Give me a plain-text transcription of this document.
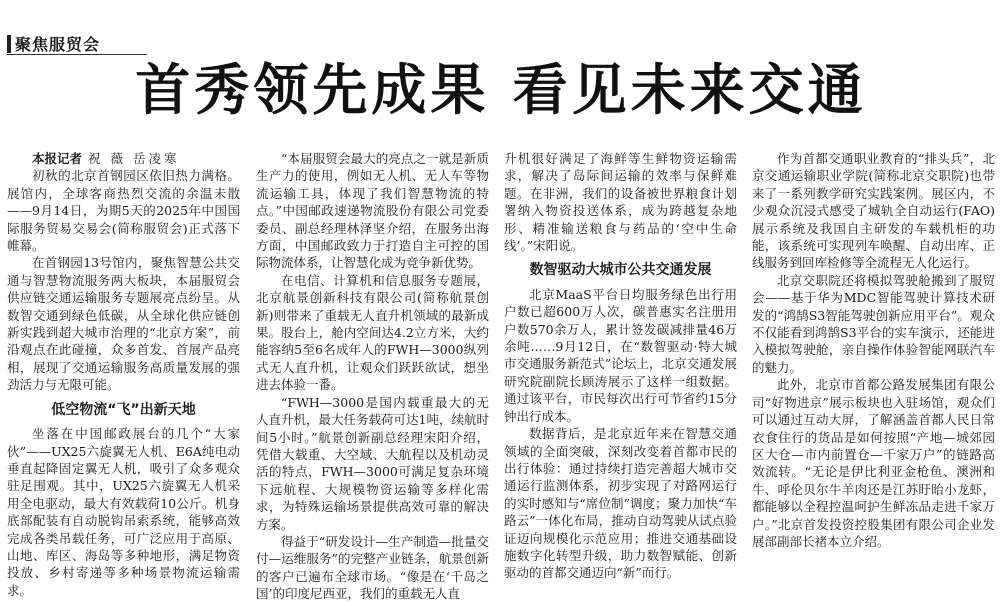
聚焦服贸会
首秀领先成果 看见未来交通

本报记者 祝 薇 岳凌寒

初秋的北京首钢园区依旧热力满格。展馆内，全球客商热烈交流的余温未散——9月14日，为期5天的2025年中国国际服务贸易交易会(简称服贸会)正式落下帷幕。

在首钢园13号馆内，聚焦智慧公共交通与智慧物流服务两大板块，本届服贸会供应链交通运输服务专题展亮点纷呈。从数智交通到绿色低碳，从全球化供应链创新实践到超大城市治理的“北京方案”，前沿观点在此碰撞，众多首发、首展产品亮相，展现了交通运输服务高质量发展的强劲活力与无限可能。

低空物流“飞”出新天地

坐落在中国邮政展台的几个“大家伙”——UX25六旋翼无人机、E6A纯电动垂直起降固定翼无人机，吸引了众多观众驻足围观。其中，UX25六旋翼无人机采用全电驱动，最大有效载荷10公斤。机身底部配装有自动脱钩吊索系统，能够高效完成各类吊载任务，可广泛应用于高原、山地、库区、海岛等多种地形，满足物资投放、乡村寄递等多种场景物流运输需求。

“本届服贸会最大的亮点之一就是新质生产力的使用，例如无人机、无人车等物流运输工具，体现了我们智慧物流的特点。”中国邮政速递物流股份有限公司党委委员、副总经理林泽坚介绍，在服务出海方面，中国邮政致力于打造自主可控的国际物流体系，让智慧化成为竞争新优势。

在电信、计算机和信息服务专题展，北京航景创新科技有限公司(简称航景创新)则带来了重载无人直升机领域的最新成果。股台上，舱内空间达4.2立方米，大约能容纳5至6名成年人的FWH—3000纵列式无人直升机，让观众们跃跃欲试，想坐进去体验一番。

“FWH—3000是国内载重最大的无人直升机，最大任务载荷可达1吨，续航时间5小时。”航景创新副总经理宋阳介绍，凭借大载重、大空域、大航程以及机动灵活的特点，FWH—3000可满足复杂环境下远航程、大规模物资运输等多样化需求，为特殊运输场景提供高效可靠的解决方案。

得益于“研发设计—生产制造—批量交付—运维服务”的完整产业链条，航景创新的客户已遍布全球市场。“像是在‘千岛之国’的印度尼西亚，我们的重载无人直

升机很好满足了海鲜等生鲜物资运输需求，解决了岛际间运输的效率与保鲜难题。在非洲，我们的设备被世界粮食计划署纳入物资投送体系，成为跨越复杂地形、精准输送粮食与药品的‘空中生命线’。”宋阳说。

数智驱动大城市公共交通发展

北京MaaS平台日均服务绿色出行用户数已超600万人次，碳普惠实名注册用户数570余万人，累计签发碳减排量46万余吨……9月12日，在“数智驱动·特大城市交通服务新范式”论坛上，北京交通发展研究院副院长顾涛展示了这样一组数据。通过该平台，市民每次出行可节省约15分钟出行成本。

数据背后，是北京近年来在智慧交通领域的全面突破，深刻改变着首都市民的出行体验：通过持续打造完善超大城市交通运行监测体系，初步实现了对路网运行的实时感知与“席位制”调度；聚力加快“车路云”一体化布局，推动自动驾驶从试点验证迈向规模化示范应用；推进交通基础设施数字化转型升级，助力数智赋能、创新驱动的首都交通迈向“新”而行。

作为首都交通职业教育的“排头兵”，北京交通运输职业学院(简称北京交职院)也带来了一系列教学研究实践案例。展区内，不少观众沉浸式感受了城轨全自动运行(FAO)展示系统及我国自主研发的车载机柜的功能，该系统可实现列车唤醒、自动出库、正线服务到回库检修等全流程无人化运行。

北京交职院还将模拟驾驶舱搬到了服贸会——基于华为MDC智能驾驶计算技术研发的“鸿鹄S3智能驾驶创新应用平台”。观众不仅能看到鸿鹄S3平台的实车演示，还能进入模拟驾驶舱，亲自操作体验智能网联汽车的魅力。

此外，北京市首都公路发展集团有限公司“好物进京”展示板块也入驻场馆，观众们可以通过互动大屏，了解涵盖首都人民日常衣食住行的货品是如何按照“产地—城郊园区大仓—市内前置仓—千家万户”的链路高效流转。“无论是伊比利亚金枪鱼、澳洲和牛、呼伦贝尔牛羊肉还是江苏盱眙小龙虾，都能够以全程控温呵护生鲜冻品走进千家万户。”北京首发投资控股集团有限公司企业发展部副部长褚本立介绍。
